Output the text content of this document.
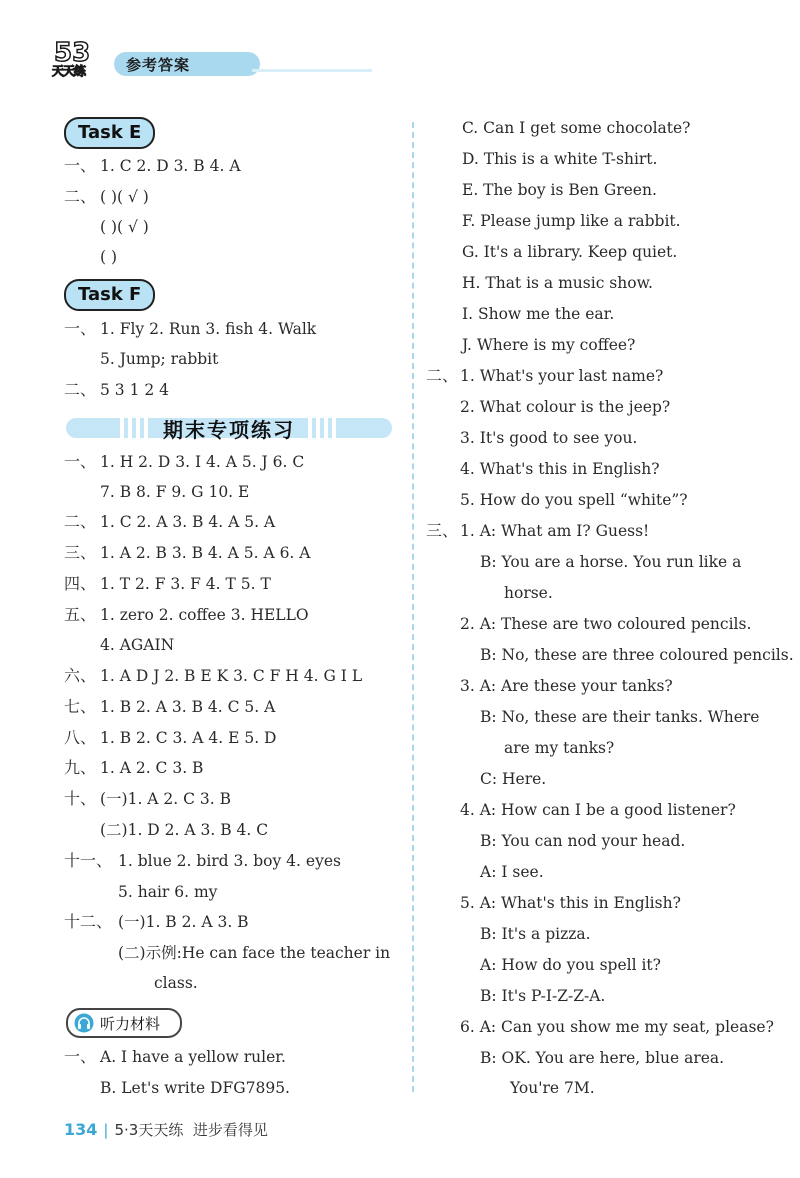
53
天天练	参考答案
Task E
一、 1. C 2. D 3. B 4. A
二、 ( )( √ )
( )( √ )
( )
Task F
一、 1. Fly 2. Run 3. fish 4. Walk
5. Jump; rabbit
二、 5 3 1 2 4
期末专项练习
一、 1. H 2. D 3. I 4. A 5. J 6. C
7. B 8. F 9. G 10. E
二、 1. C 2. A 3. B 4. A 5. A
三、 1. A 2. B 3. B 4. A 5. A 6. A
四、 1. T 2. F 3. F 4. T 5. T
五、 1. zero 2. coffee 3. HELLO
4. AGAIN
六、 1. A D J 2. B E K 3. C F H 4. G I L
七、 1. B 2. A 3. B 4. C 5. A
八、 1. B 2. C 3. A 4. E 5. D
九、 1. A 2. C 3. B
十、 (一)1. A 2. C 3. B
(二)1. D 2. A 3. B 4. C
十一、 1. blue 2. bird 3. boy 4. eyes
5. hair 6. my
十二、 (一)1. B 2. A 3. B
(二)示例:He can face the teacher in
class.
听力材料
一、 A. I have a yellow ruler.
B. Let's write DFG7895.
C. Can I get some chocolate?
D. This is a white T-shirt.
E. The boy is Ben Green.
F. Please jump like a rabbit.
G. It's a library. Keep quiet.
H. That is a music show.
I. Show me the ear.
J. Where is my coffee?
二、 1. What's your last name?
2. What colour is the jeep?
3. It's good to see you.
4. What's this in English?
5. How do you spell “white”?
三、 1. A: What am I? Guess!
B: You are a horse. You run like a
horse.
2. A: These are two coloured pencils.
B: No, these are three coloured pencils.
3. A: Are these your tanks?
B: No, these are their tanks. Where
are my tanks?
C: Here.
4. A: How can I be a good listener?
B: You can nod your head.
A: I see.
5. A: What's this in English?
B: It's a pizza.
A: How do you spell it?
B: It's P-I-Z-Z-A.
6. A: Can you show me my seat, please?
B: OK. You are here, blue area.
You're 7M.
134 | 5·3天天练 进步看得见
